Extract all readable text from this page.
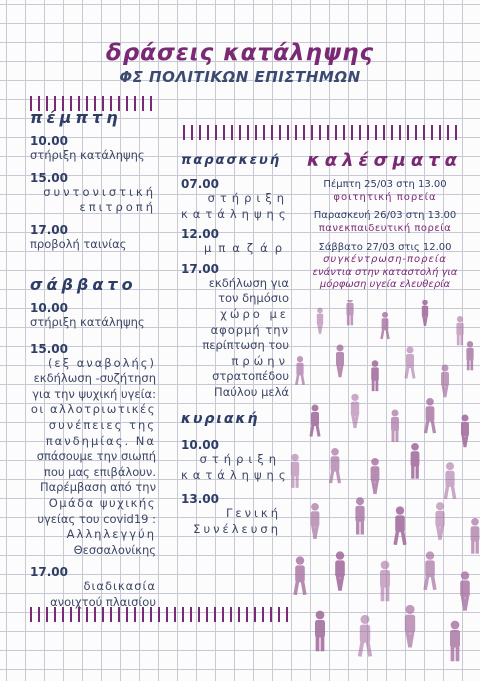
δράσεις κατάληψης
ΦΣ ΠΟΛΙΤΙΚΩΝ ΕΠΙΣΤΗΜΩΝ
πέμπτη
10.00
στήριξη κατάληψης
15.00
συντονιστική
επιτροπή
17.00
προβολή ταινίας
σάββατο
10.00
στήριξη κατάληψης
15.00
(εξ αναβολής)
εκδήλωση -συζήτηση
για την ψυχική υγεία:
οι αλλοτριωτικές
συνέπειες της
πανδημίας. Να
σπάσουμε την σιωπή
που μας επιβάλουν.
Παρέμβαση από την
Ομάδα ψυχικής
υγείας του covid19 :
Αλληλεγγύη
Θεσσαλονίκης
17.00
διαδικασία
ανοιχτού πλαισίου
παρασκευή
07.00
στήριξη
κατάληψης
12.00
μπαζάρ
17.00
εκδήλωση για
τον δημόσιο
χώρο με
αφορμή την
περίπτωση του
πρώην
στρατοπέδου
Παύλου μελά
κυριακή
10.00
στήριξη
κατάληψης
13.00
Γενική
Συνέλευση
καλέσματα
Πέμπτη 25/03 στη 13.00
φοιτητική πορεία
Παρασκευή 26/03 στη 13.00
πανεκπαιδευτική πορεία
Σάββατο 27/03 στις 12.00
συγκέντρωση-πορεία
ενάντια στην καταστολή για
μόρφωση υγεία ελευθερία
